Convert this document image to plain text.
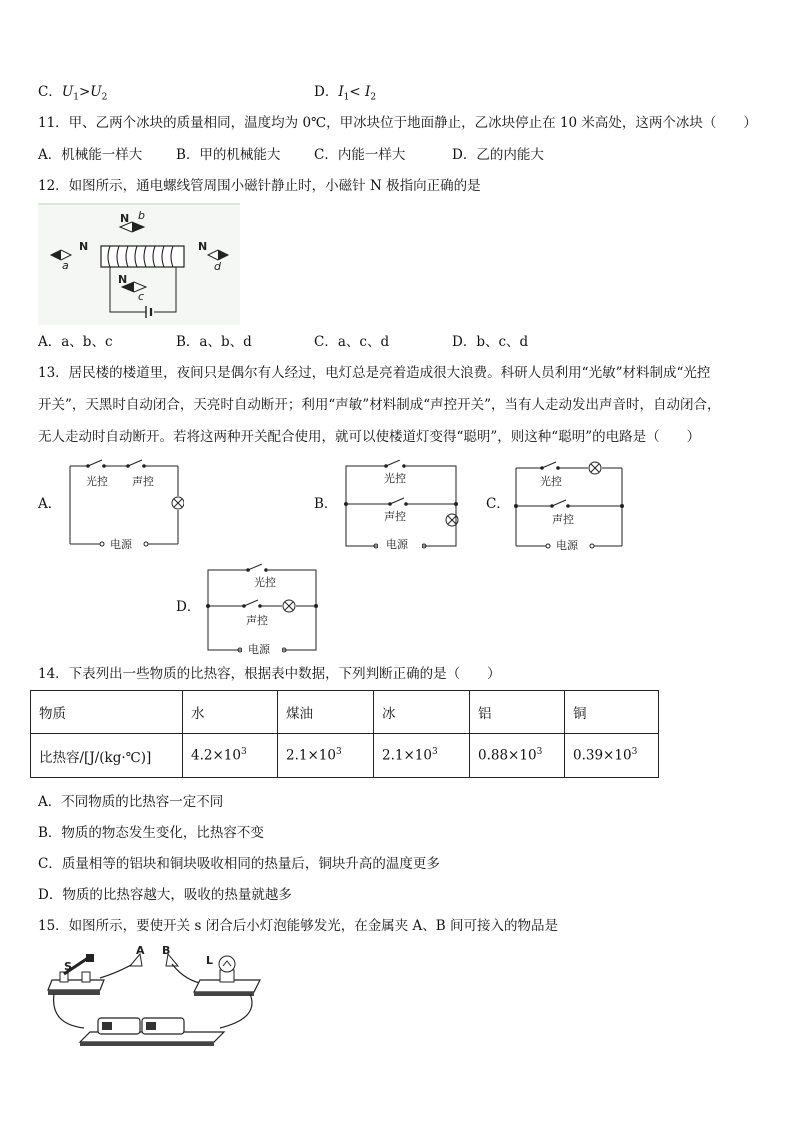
C．$U_1>U_2$	D．$I_1< I_2$
11．甲、乙两个冰块的质量相同，温度均为 0℃，甲冰块位于地面静止，乙冰块停止在 10 米高处，这两个冰块（　　）
A．机械能一样大	B．甲的机械能大 C．内能一样大	D．乙的内能大
12．如图所示，通电螺线管周围小磁针静止时，小磁针 N 极指向正确的是
N
a
N b
N
c
N
d
A．a、b、c	B．a、b、d	C．a、c、d	D．b、c、d
13．居民楼的楼道里，夜间只是偶尔有人经过，电灯总是亮着造成很大浪费。科研人员利用“光敏”材料制成“光控
开关”，天黑时自动闭合，天亮时自动断开；利用“声敏”材料制成“声控开关”，当有人走动发出声音时，自动闭合，
无人走动时自动断开。若将这两种开关配合使用，就可以使楼道灯变得“聪明”，则这种“聪明”的电路是（　　）
A．
光控 声控
电源
B．
光控
声控
电源
C．
光控
声控
电源
D．
光控
声控
电源
14．下表列出一些物质的比热容，根据表中数据，下列判断正确的是（　　）
物质	水	煤油	冰	铝	铜
比热容/[J/(kg·℃)]	$4.2\times 10^3$	$2.1\times 10^3$	$2.1\times 10^3$	$0.88\times 10^3$	$0.39\times 10^3$
A．不同物质的比热容一定不同
B．物质的物态发生变化，比热容不变
C．质量相等的铝块和铜块吸收相同的热量后，铜块升高的温度更多
D．物质的比热容越大，吸收的热量就越多
15．如图所示，要使开关 s 闭合后小灯泡能够发光，在金属夹 A、B 间可接入的物品是
S
A B
L
